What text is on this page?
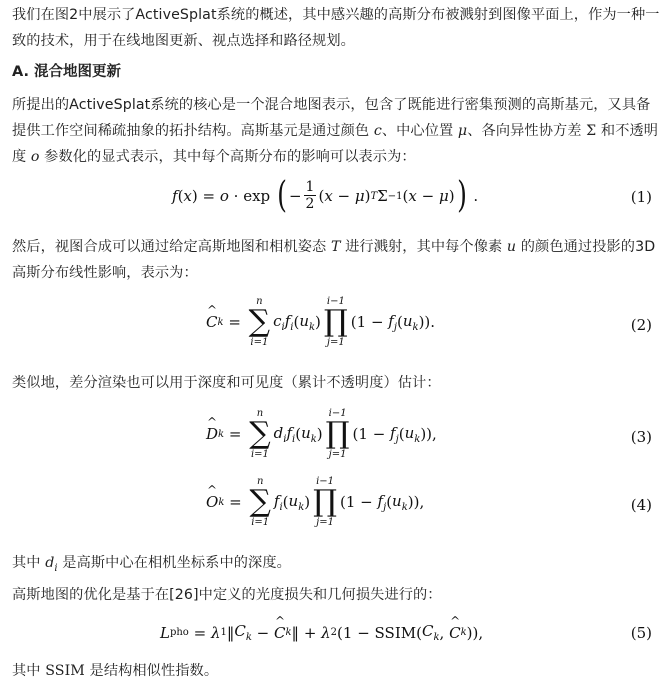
我们在图2中展示了ActiveSplat系统的概述，其中感兴趣的高斯分布被溅射到图像平面上，作为一种一致的技术，用于在线地图更新、视点选择和路径规划。

A. 混合地图更新

所提出的ActiveSplat系统的核心是一个混合地图表示，包含了既能进行密集预测的高斯基元，又具备提供工作空间稀疏抽象的拓扑结构。高斯基元是通过颜色 c、中心位置 μ、各向异性协方差 Σ 和不透明度 o 参数化的显式表示，其中每个高斯分布的影响可以表示为：

f ( x ) = o · exp ( − $\frac{1}{2}$ ( x − μ ) T Σ −1 ( x − μ ) ) .	(1)

然后，视图合成可以通过给定高斯地图和相机姿态 T 进行溅射，其中每个像素 u 的颜色通过投影的3D高斯分布线性影响，表示为：

^ C k =
n
∑
i=1
$c_if_i$ ( $u_k$ )
i−1
∏
j=1
($1 - f_j$ ( $u_k$ )).	(2)

类似地，差分渲染也可以用于深度和可见度（累计不透明度）估计：

^ D k =
n
∑
i=1
$d_if_i$ ( $u_k$ )
i−1
∏
j=1
($1 - f_j$ ( $u_k$ )),	(3)
^ O k =
n
∑
i=1
$f_i$ ( $u_k$ )
i−1
∏
j=1
($1 - f_j$ ( $u_k$ )),	(4)

其中 $d_i$ 是高斯中心在相机坐标系中的深度。

高斯地图的优化是基于在[26]中定义的光度损失和几何损失进行的：

L pho = λ 1 ‖ $C_k$ − ^ C k ‖ + λ 2 (1 − SSIM( $C_k$ , ^ C k )),	(5)

其中 SSIM 是结构相似性指数。
